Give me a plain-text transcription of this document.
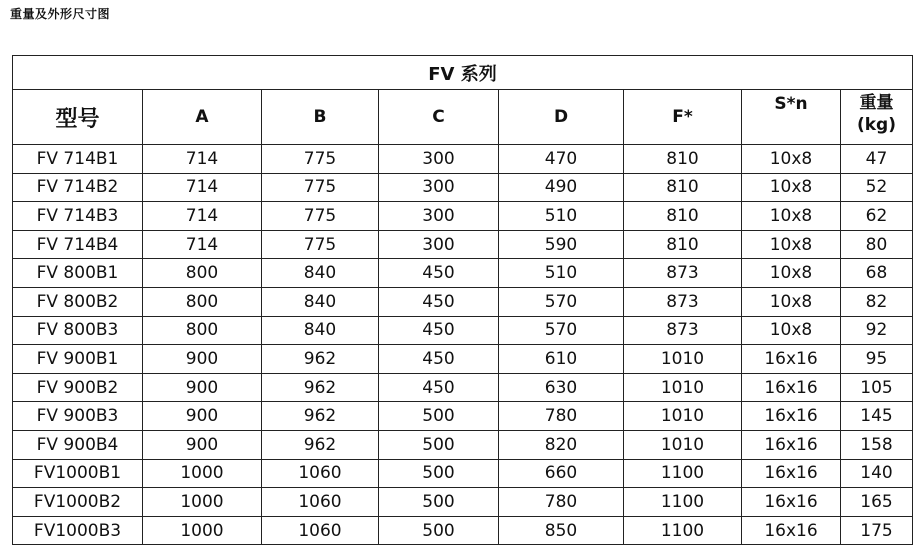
重量及外形尺寸图
FV 系列							
型号	A	B	C	D	F*	S*n	重量
(kg)

FV 714B1	714	775	300	470	810	10x8	47
FV 714B2	714	775	300	490	810	10x8	52
FV 714B3	714	775	300	510	810	10x8	62
FV 714B4	714	775	300	590	810	10x8	80
FV 800B1	800	840	450	510	873	10x8	68
FV 800B2	800	840	450	570	873	10x8	82
FV 800B3	800	840	450	570	873	10x8	92
FV 900B1	900	962	450	610	1010	16x16	95
FV 900B2	900	962	450	630	1010	16x16	105
FV 900B3	900	962	500	780	1010	16x16	145
FV 900B4	900	962	500	820	1010	16x16	158
FV1000B1	1000	1060	500	660	1100	16x16	140
FV1000B2	1000	1060	500	780	1100	16x16	165
FV1000B3	1000	1060	500	850	1100	16x16	175
